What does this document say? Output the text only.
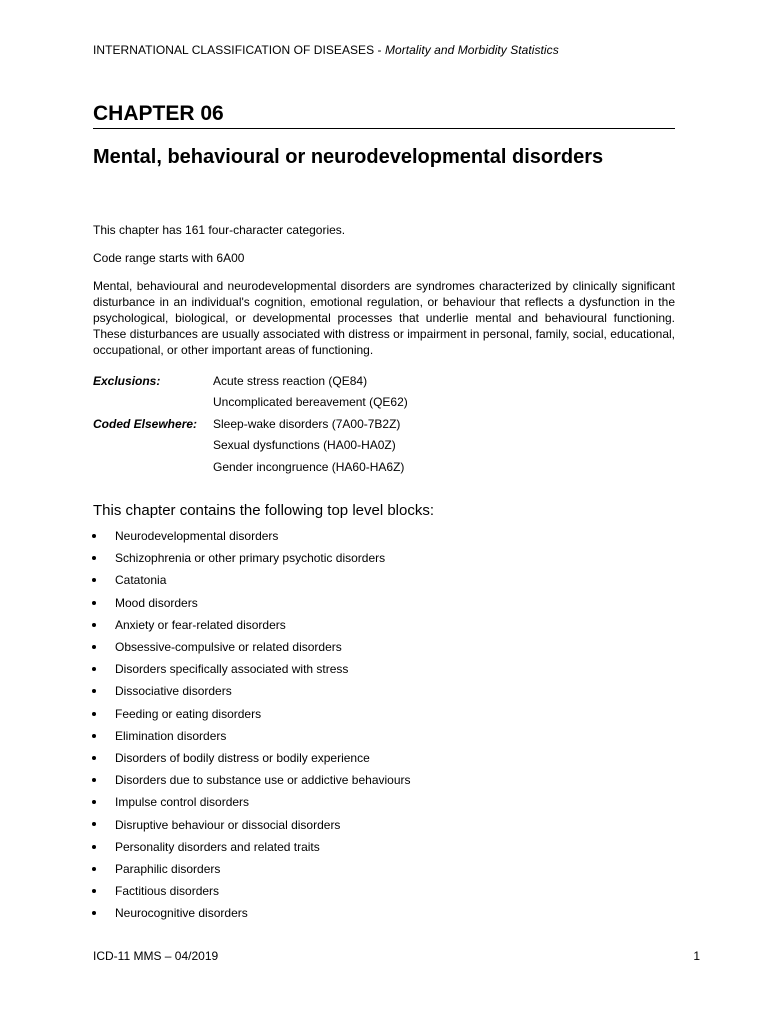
INTERNATIONAL CLASSIFICATION OF DISEASES - Mortality and Morbidity Statistics
CHAPTER 06
Mental, behavioural or neurodevelopmental disorders
This chapter has 161 four-character categories.
Code range starts with 6A00
Mental, behavioural and neurodevelopmental disorders are syndromes characterized by clinically significant disturbance in an individual's cognition, emotional regulation, or behaviour that reflects a dysfunction in the psychological, biological, or developmental processes that underlie mental and behavioural functioning. These disturbances are usually associated with distress or impairment in personal, family, social, educational, occupational, or other important areas of functioning.
Exclusions:	Acute stress reaction (QE84)
Uncomplicated bereavement (QE62)
Coded Elsewhere:	Sleep-wake disorders (7A00-7B2Z)
Sexual dysfunctions (HA00-HA0Z)
Gender incongruence (HA60-HA6Z)
This chapter contains the following top level blocks:
Neurodevelopmental disorders
Schizophrenia or other primary psychotic disorders
Catatonia
Mood disorders
Anxiety or fear-related disorders
Obsessive-compulsive or related disorders
Disorders specifically associated with stress
Dissociative disorders
Feeding or eating disorders
Elimination disorders
Disorders of bodily distress or bodily experience
Disorders due to substance use or addictive behaviours
Impulse control disorders
Disruptive behaviour or dissocial disorders
Personality disorders and related traits
Paraphilic disorders
Factitious disorders
Neurocognitive disorders
ICD-11 MMS – 04/2019	1
